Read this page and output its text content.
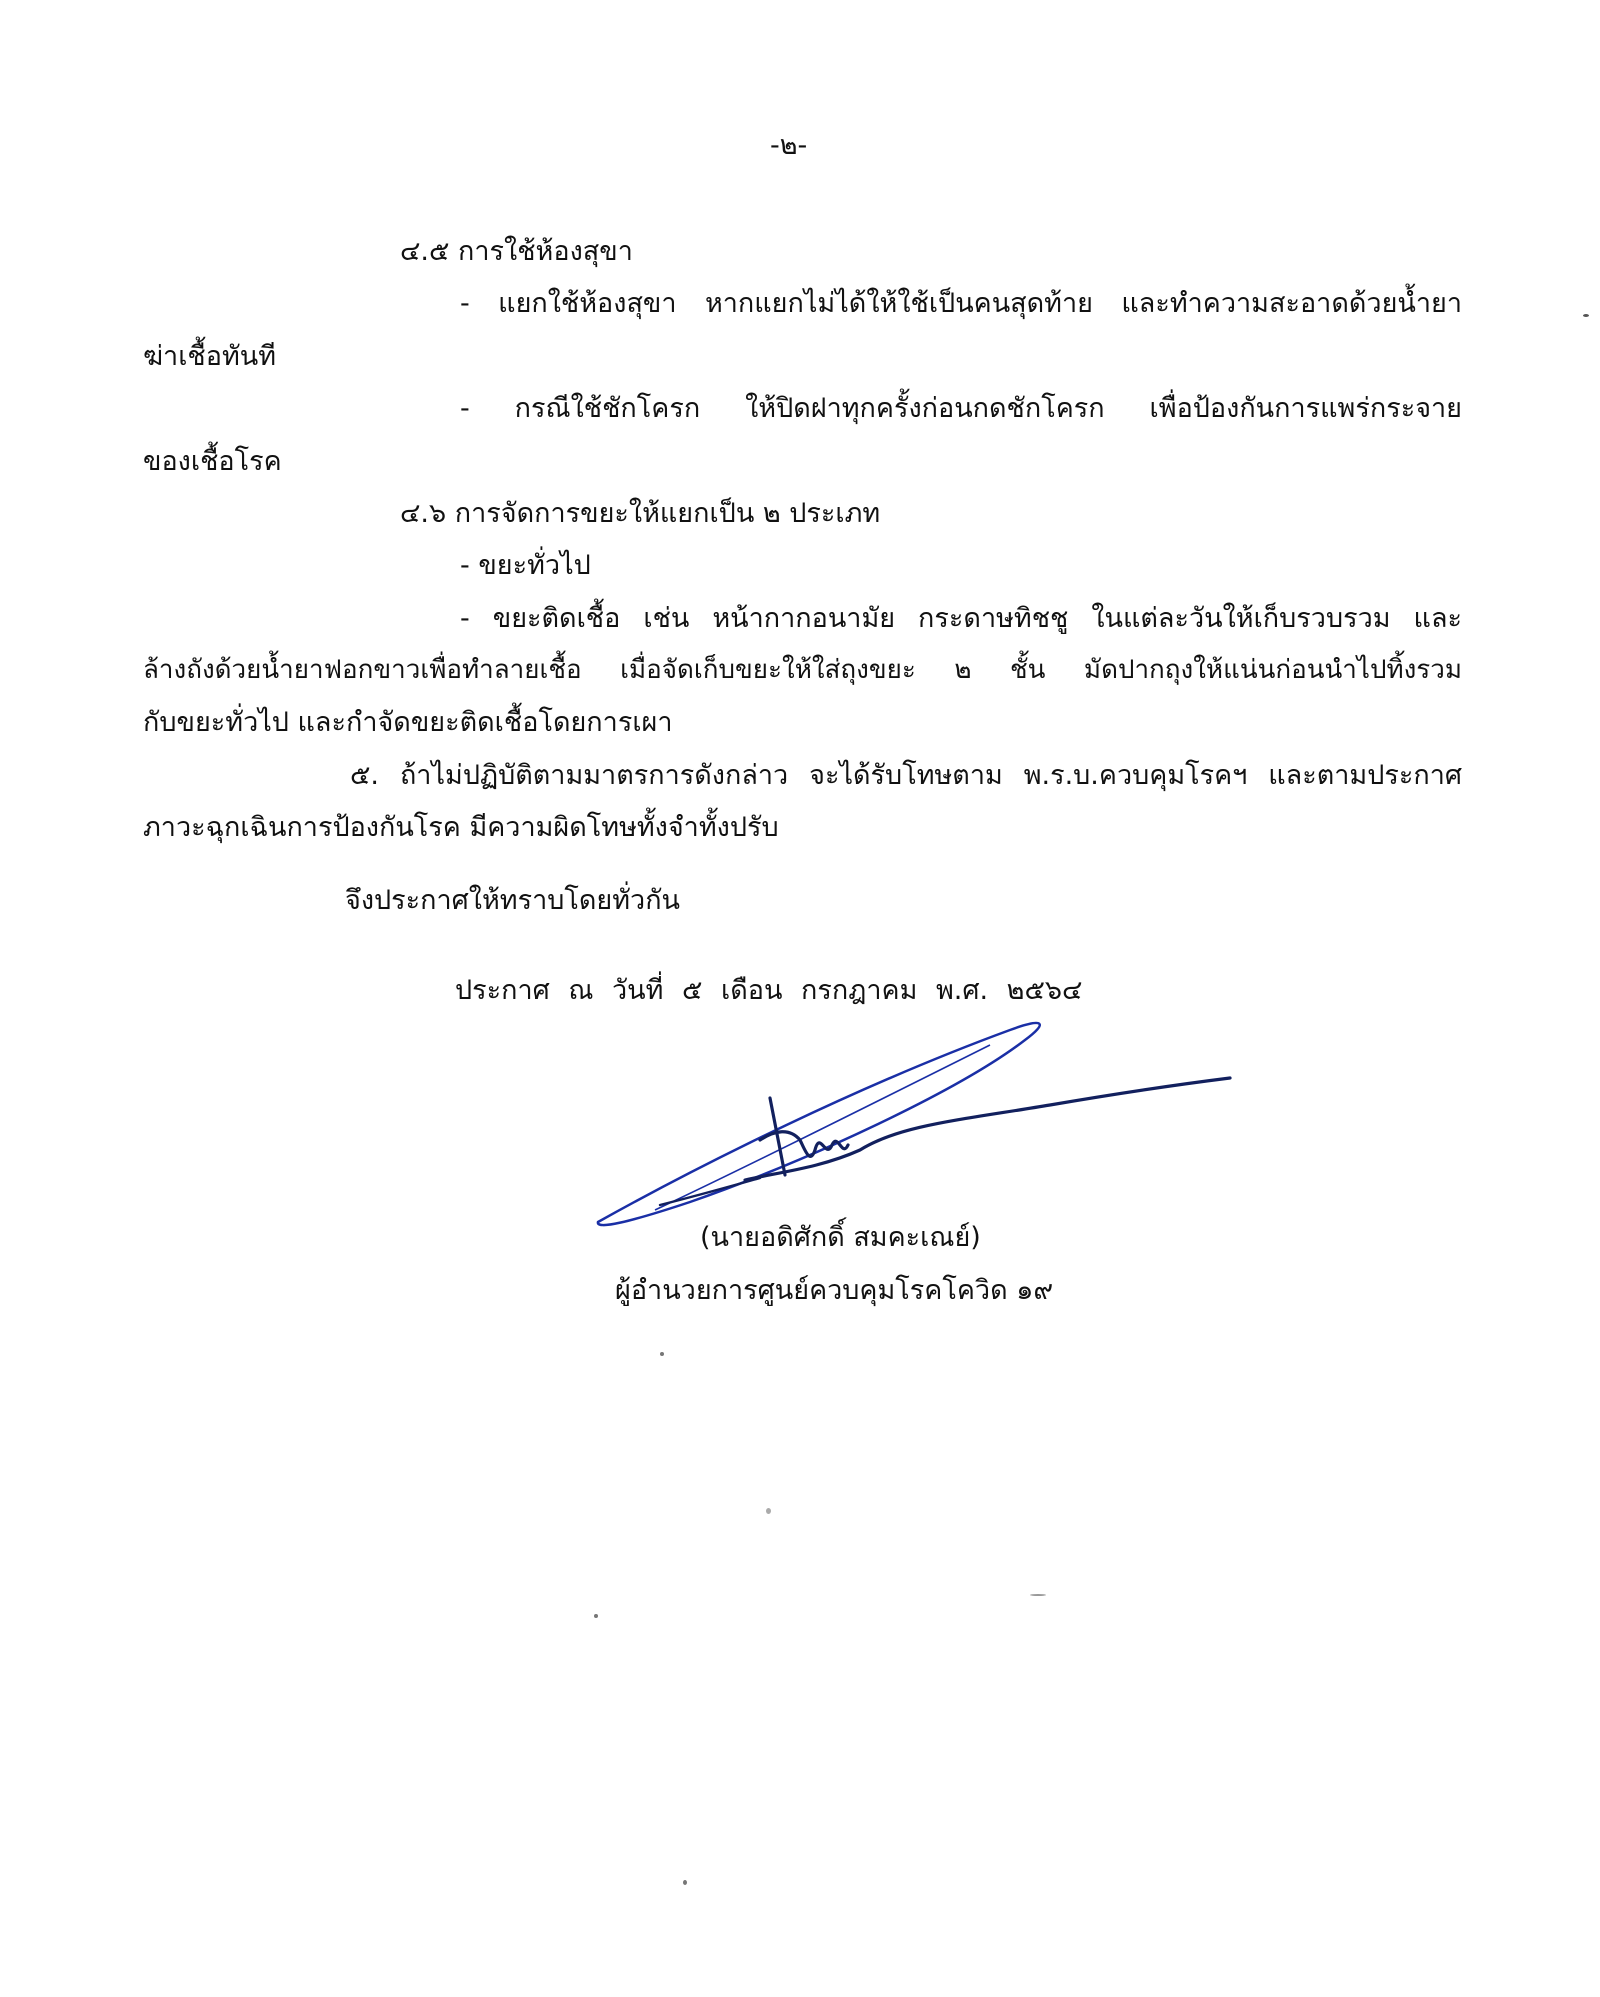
-๒-
๔.๕ การใช้ห้องสุขา
- แยกใช้ห้องสุขา หากแยกไม่ได้ให้ใช้เป็นคนสุดท้าย และทำความสะอาดด้วยน้ำยา
ฆ่าเชื้อทันที
- กรณีใช้ชักโครก ให้ปิดฝาทุกครั้งก่อนกดชักโครก เพื่อป้องกันการแพร่กระจาย
ของเชื้อโรค
๔.๖ การจัดการขยะให้แยกเป็น ๒ ประเภท
- ขยะทั่วไป
- ขยะติดเชื้อ เช่น หน้ากากอนามัย กระดาษทิชชู ในแต่ละวันให้เก็บรวบรวม และ
ล้างถังด้วยน้ำยาฟอกขาวเพื่อทำลายเชื้อ เมื่อจัดเก็บขยะให้ใส่ถุงขยะ ๒ ชั้น มัดปากถุงให้แน่นก่อนนำไปทิ้งรวม
กับขยะทั่วไป และกำจัดขยะติดเชื้อโดยการเผา
๕. ถ้าไม่ปฏิบัติตามมาตรการดังกล่าว จะได้รับโทษตาม พ.ร.บ.ควบคุมโรคฯ และตามประกาศ
ภาวะฉุกเฉินการป้องกันโรค มีความผิดโทษทั้งจำทั้งปรับ
จึงประกาศให้ทราบโดยทั่วกัน
ประกาศ ณ วันที่ ๕ เดือน กรกฎาคม พ.ศ. ๒๕๖๔
(นายอดิศักดิ์ สมคะเณย์)
ผู้อำนวยการศูนย์ควบคุมโรคโควิด ๑๙
